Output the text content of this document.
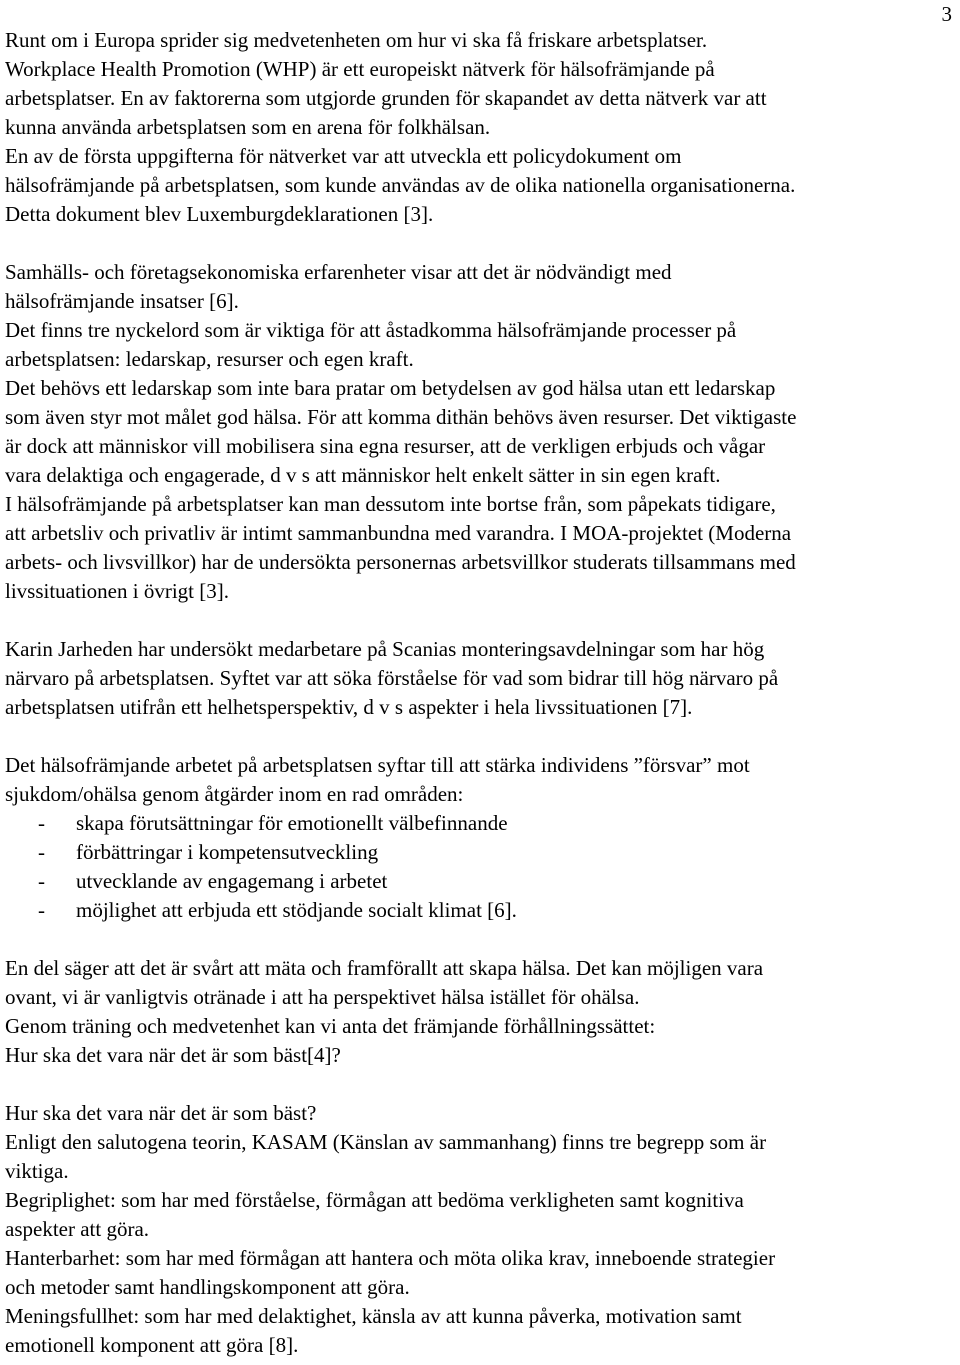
3
Runt om i Europa sprider sig medvetenheten om hur vi ska få friskare arbetsplatser.
Workplace Health Promotion (WHP) är ett europeiskt nätverk för hälsofrämjande på
arbetsplatser. En av faktorerna som utgjorde grunden för skapandet av detta nätverk var att
kunna använda arbetsplatsen som en arena för folkhälsan.
En av de första uppgifterna för nätverket var att utveckla ett policydokument om
hälsofrämjande på arbetsplatsen, som kunde användas av de olika nationella organisationerna.
Detta dokument blev Luxemburgdeklarationen [3].
Samhälls- och företagsekonomiska erfarenheter visar att det är nödvändigt med
hälsofrämjande insatser [6].
Det finns tre nyckelord som är viktiga för att åstadkomma hälsofrämjande processer på
arbetsplatsen: ledarskap, resurser och egen kraft.
Det behövs ett ledarskap som inte bara pratar om betydelsen av god hälsa utan ett ledarskap
som även styr mot målet god hälsa. För att komma dithän behövs även resurser. Det viktigaste
är dock att människor vill mobilisera sina egna resurser, att de verkligen erbjuds och vågar
vara delaktiga och engagerade, d v s att människor helt enkelt sätter in sin egen kraft.
I hälsofrämjande på arbetsplatser kan man dessutom inte bortse från, som påpekats tidigare,
att arbetsliv och privatliv är intimt sammanbundna med varandra. I MOA-projektet (Moderna
arbets- och livsvillkor) har de undersökta personernas arbetsvillkor studerats tillsammans med
livssituationen i övrigt [3].
Karin Jarheden har undersökt medarbetare på Scanias monteringsavdelningar som har hög
närvaro på arbetsplatsen. Syftet var att söka förståelse för vad som bidrar till hög närvaro på
arbetsplatsen utifrån ett helhetsperspektiv, d v s aspekter i hela livssituationen [7].
Det hälsofrämjande arbetet på arbetsplatsen syftar till att stärka individens ”försvar” mot
sjukdom/ohälsa genom åtgärder inom en rad områden:
- skapa förutsättningar för emotionellt välbefinnande
- förbättringar i kompetensutveckling
- utvecklande av engagemang i arbetet
- möjlighet att erbjuda ett stödjande socialt klimat [6].
En del säger att det är svårt att mäta och framförallt att skapa hälsa. Det kan möjligen vara
ovant, vi är vanligtvis otränade i att ha perspektivet hälsa istället för ohälsa.
Genom träning och medvetenhet kan vi anta det främjande förhållningssättet:
Hur ska det vara när det är som bäst[4]?
Hur ska det vara när det är som bäst?
Enligt den salutogena teorin, KASAM (Känslan av sammanhang) finns tre begrepp som är
viktiga.
Begriplighet: som har med förståelse, förmågan att bedöma verkligheten samt kognitiva
aspekter att göra.
Hanterbarhet: som har med förmågan att hantera och möta olika krav, inneboende strategier
och metoder samt handlingskomponent att göra.
Meningsfullhet: som har med delaktighet, känsla av att kunna påverka, motivation samt
emotionell komponent att göra [8].
